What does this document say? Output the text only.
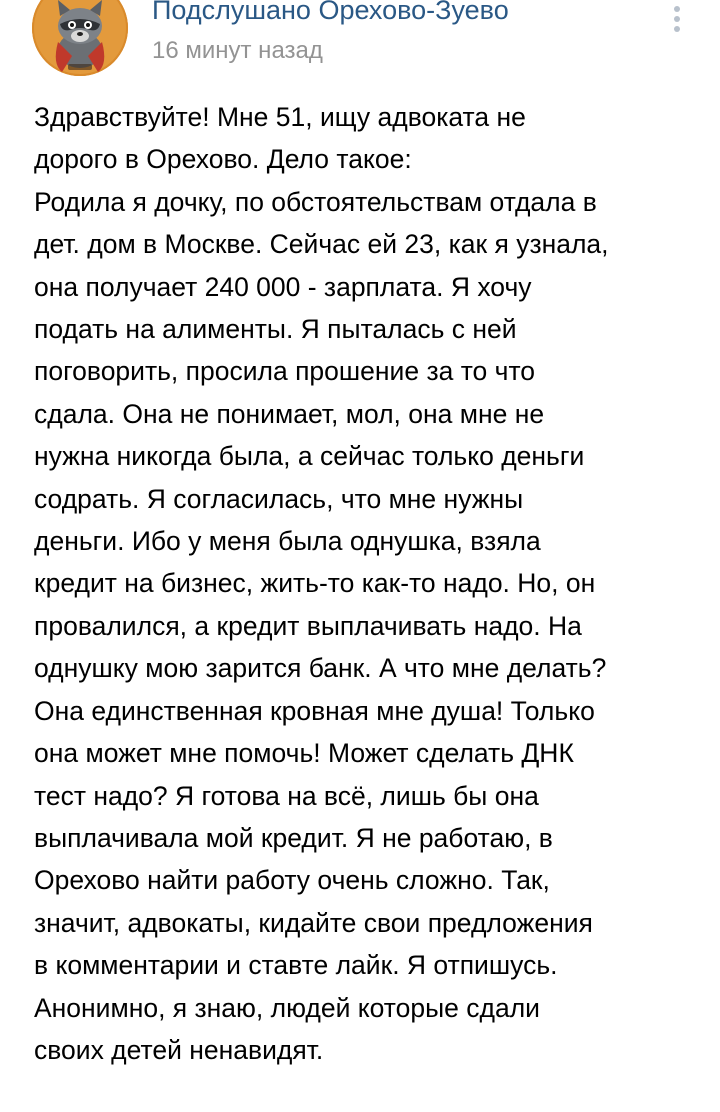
Подслушано Орехово-Зуево
16 минут назад
Здравствуйте! Мне 51, ищу адвоката не
дорого в Орехово. Дело такое:
Родила я дочку, по обстоятельствам отдала в
дет. дом в Москве. Сейчас ей 23, как я узнала,
она получает 240 000 - зарплата. Я хочу
подать на алименты. Я пыталась с ней
поговорить, просила прошение за то что
сдала. Она не понимает, мол, она мне не
нужна никогда была, а сейчас только деньги
содрать. Я согласилась, что мне нужны
деньги. Ибо у меня была однушка, взяла
кредит на бизнес, жить-то как-то надо. Но, он
провалился, а кредит выплачивать надо. На
однушку мою зарится банк. А что мне делать?
Она единственная кровная мне душа! Только
она может мне помочь! Может сделать ДНК
тест надо? Я готова на всё, лишь бы она
выплачивала мой кредит. Я не работаю, в
Орехово найти работу очень сложно. Так,
значит, адвокаты, кидайте свои предложения
в комментарии и ставте лайк. Я отпишусь.
Анонимно, я знаю, людей которые сдали
своих детей ненавидят.
